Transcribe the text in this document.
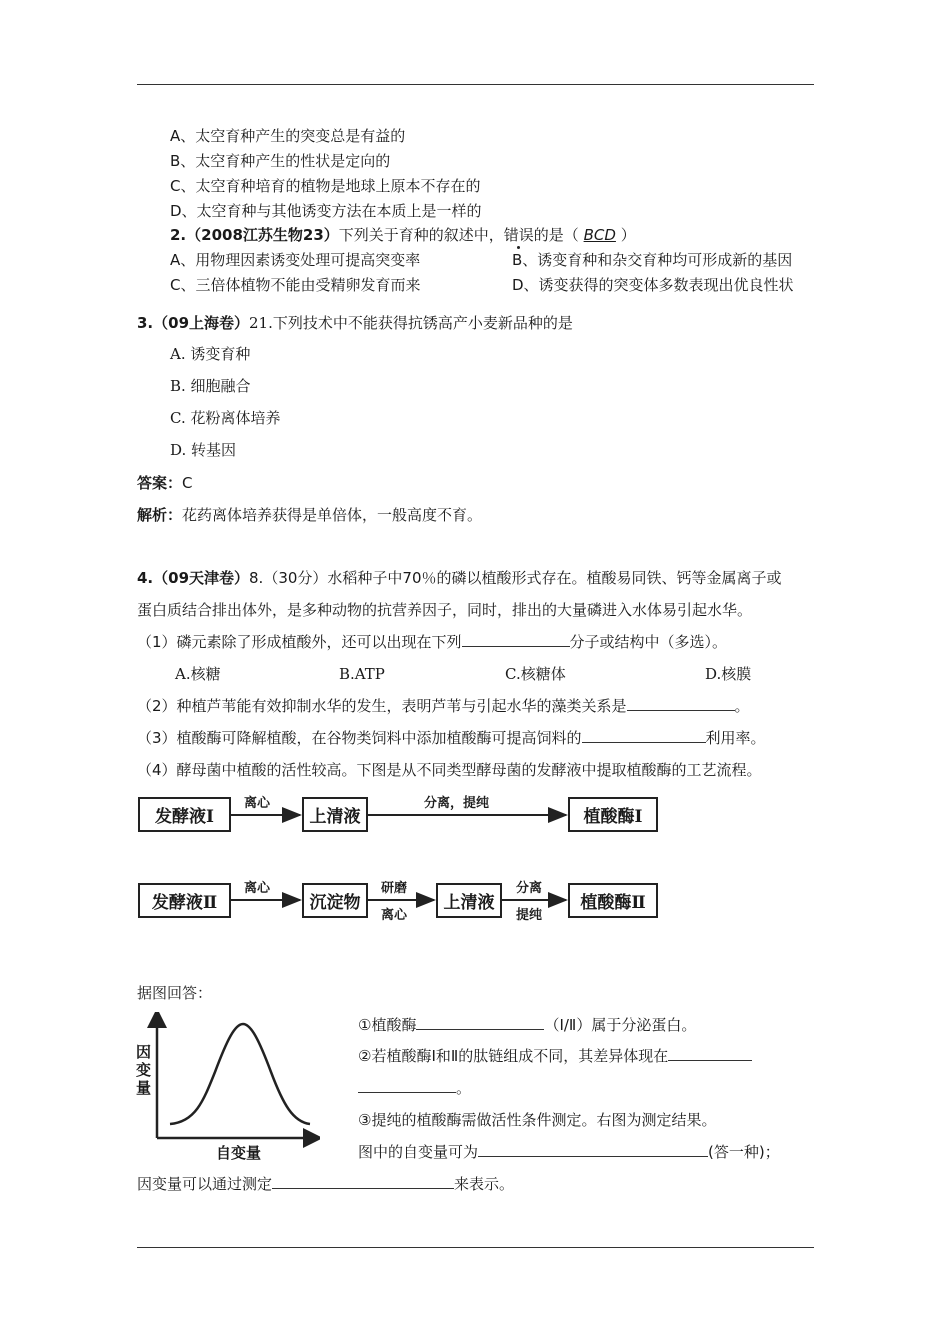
A、太空育种产生的突变总是有益的
B、太空育种产生的性状是定向的
C、太空育种培育的植物是地球上原本不存在的
D、太空育种与其他诱变方法在本质上是一样的
2.（2008江苏生物23）下列关于育种的叙述中，错误的是（ BCD ）
A、用物理因素诱变处理可提高突变率	B、诱变育种和杂交育种均可形成新的基因
C、三倍体植物不能由受精卵发育而来	D、诱变获得的突变体多数表现出优良性状
3.（09上海卷）21.下列技术中不能获得抗锈高产小麦新品种的是
A. 诱变育种
B. 细胞融合
C. 花粉离体培养
D. 转基因
答案：C
解析：花药离体培养获得是单倍体，一般高度不育。
4.（09天津卷）8.（30分）水稻种子中70％的磷以植酸形式存在。植酸易同铁、钙等金属离子或
蛋白质结合排出体外，是多种动物的抗营养因子，同时，排出的大量磷进入水体易引起水华。
（1）磷元素除了形成植酸外，还可以出现在下列	分子或结构中（多选）。
A.核糖	B.ATP	C.核糖体	D.核膜
（2）种植芦苇能有效抑制水华的发生，表明芦苇与引起水华的藻类关系是	。
（3）植酸酶可降解植酸，在谷物类饲料中添加植酸酶可提高饲料的	利用率。
（4）酵母菌中植酸的活性较高。下图是从不同类型酵母菌的发酵液中提取植酸酶的工艺流程。
发酵液Ⅰ
离心
上清液
分离，提纯
植酸酶Ⅰ
发酵液Ⅱ
离心
沉淀物
研磨
离心
上清液
分离
提纯
植酸酶Ⅱ
据图回答：
因变量
自变量
①植酸酶	（Ⅰ/Ⅱ）属于分泌蛋白。
②若植酸酶Ⅰ和Ⅱ的肽链组成不同，其差异体现在
。
③提纯的植酸酶需做活性条件测定。右图为测定结果。
图中的自变量可为	(答一种)；
因变量可以通过测定	来表示。
